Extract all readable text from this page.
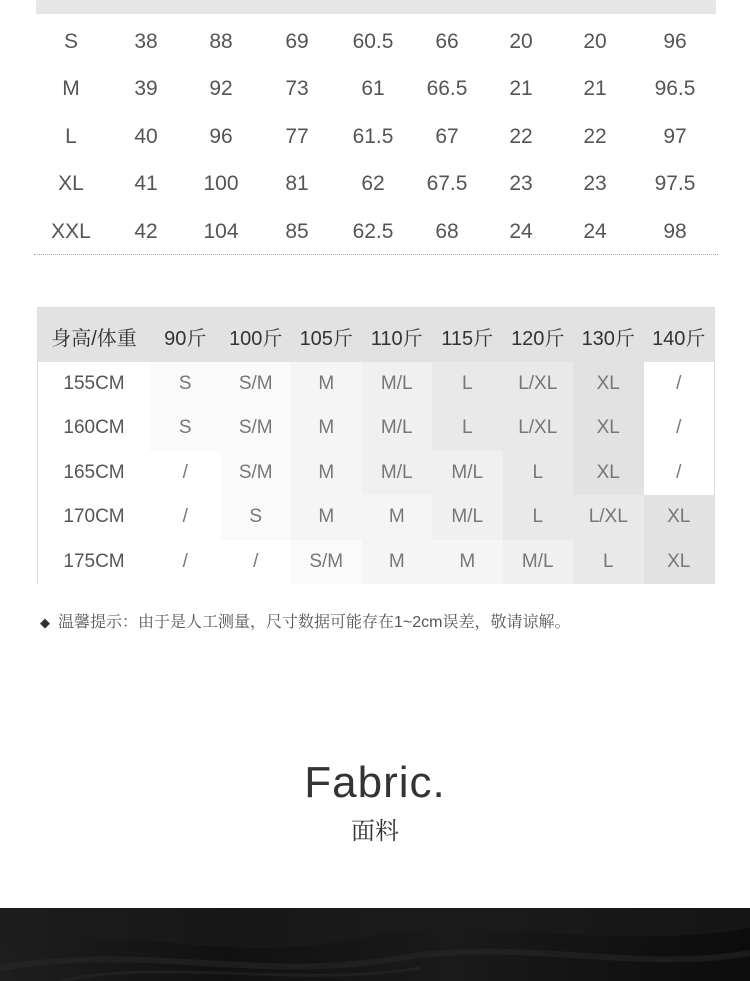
S	38	88	69	60.5	66	20	20	96
M	39	92	73	61	66.5	21	21	96.5
L	40	96	77	61.5	67	22	22	97
XL	41	100	81	62	67.5	23	23	97.5
XXL	42	104	85	62.5	68	24	24	98
身高/体重	90斤	100斤 105斤 110斤 115斤 120斤 130斤 140斤
155CM	S	S/M	M	M/L	L	L/XL	XL	/
160CM	S	S/M	M	M/L	L	L/XL	XL	/
165CM	/	S/M	M	M/L	M/L	L	XL	/
170CM	/	S	M	M	M/L	L	L/XL	XL
175CM	/	/	S/M	M	M	M/L	L	XL
◆ 温馨提示：由于是人工测量，尺寸数据可能存在1~2cm误差，敬请谅解。
Fabric.
面料
